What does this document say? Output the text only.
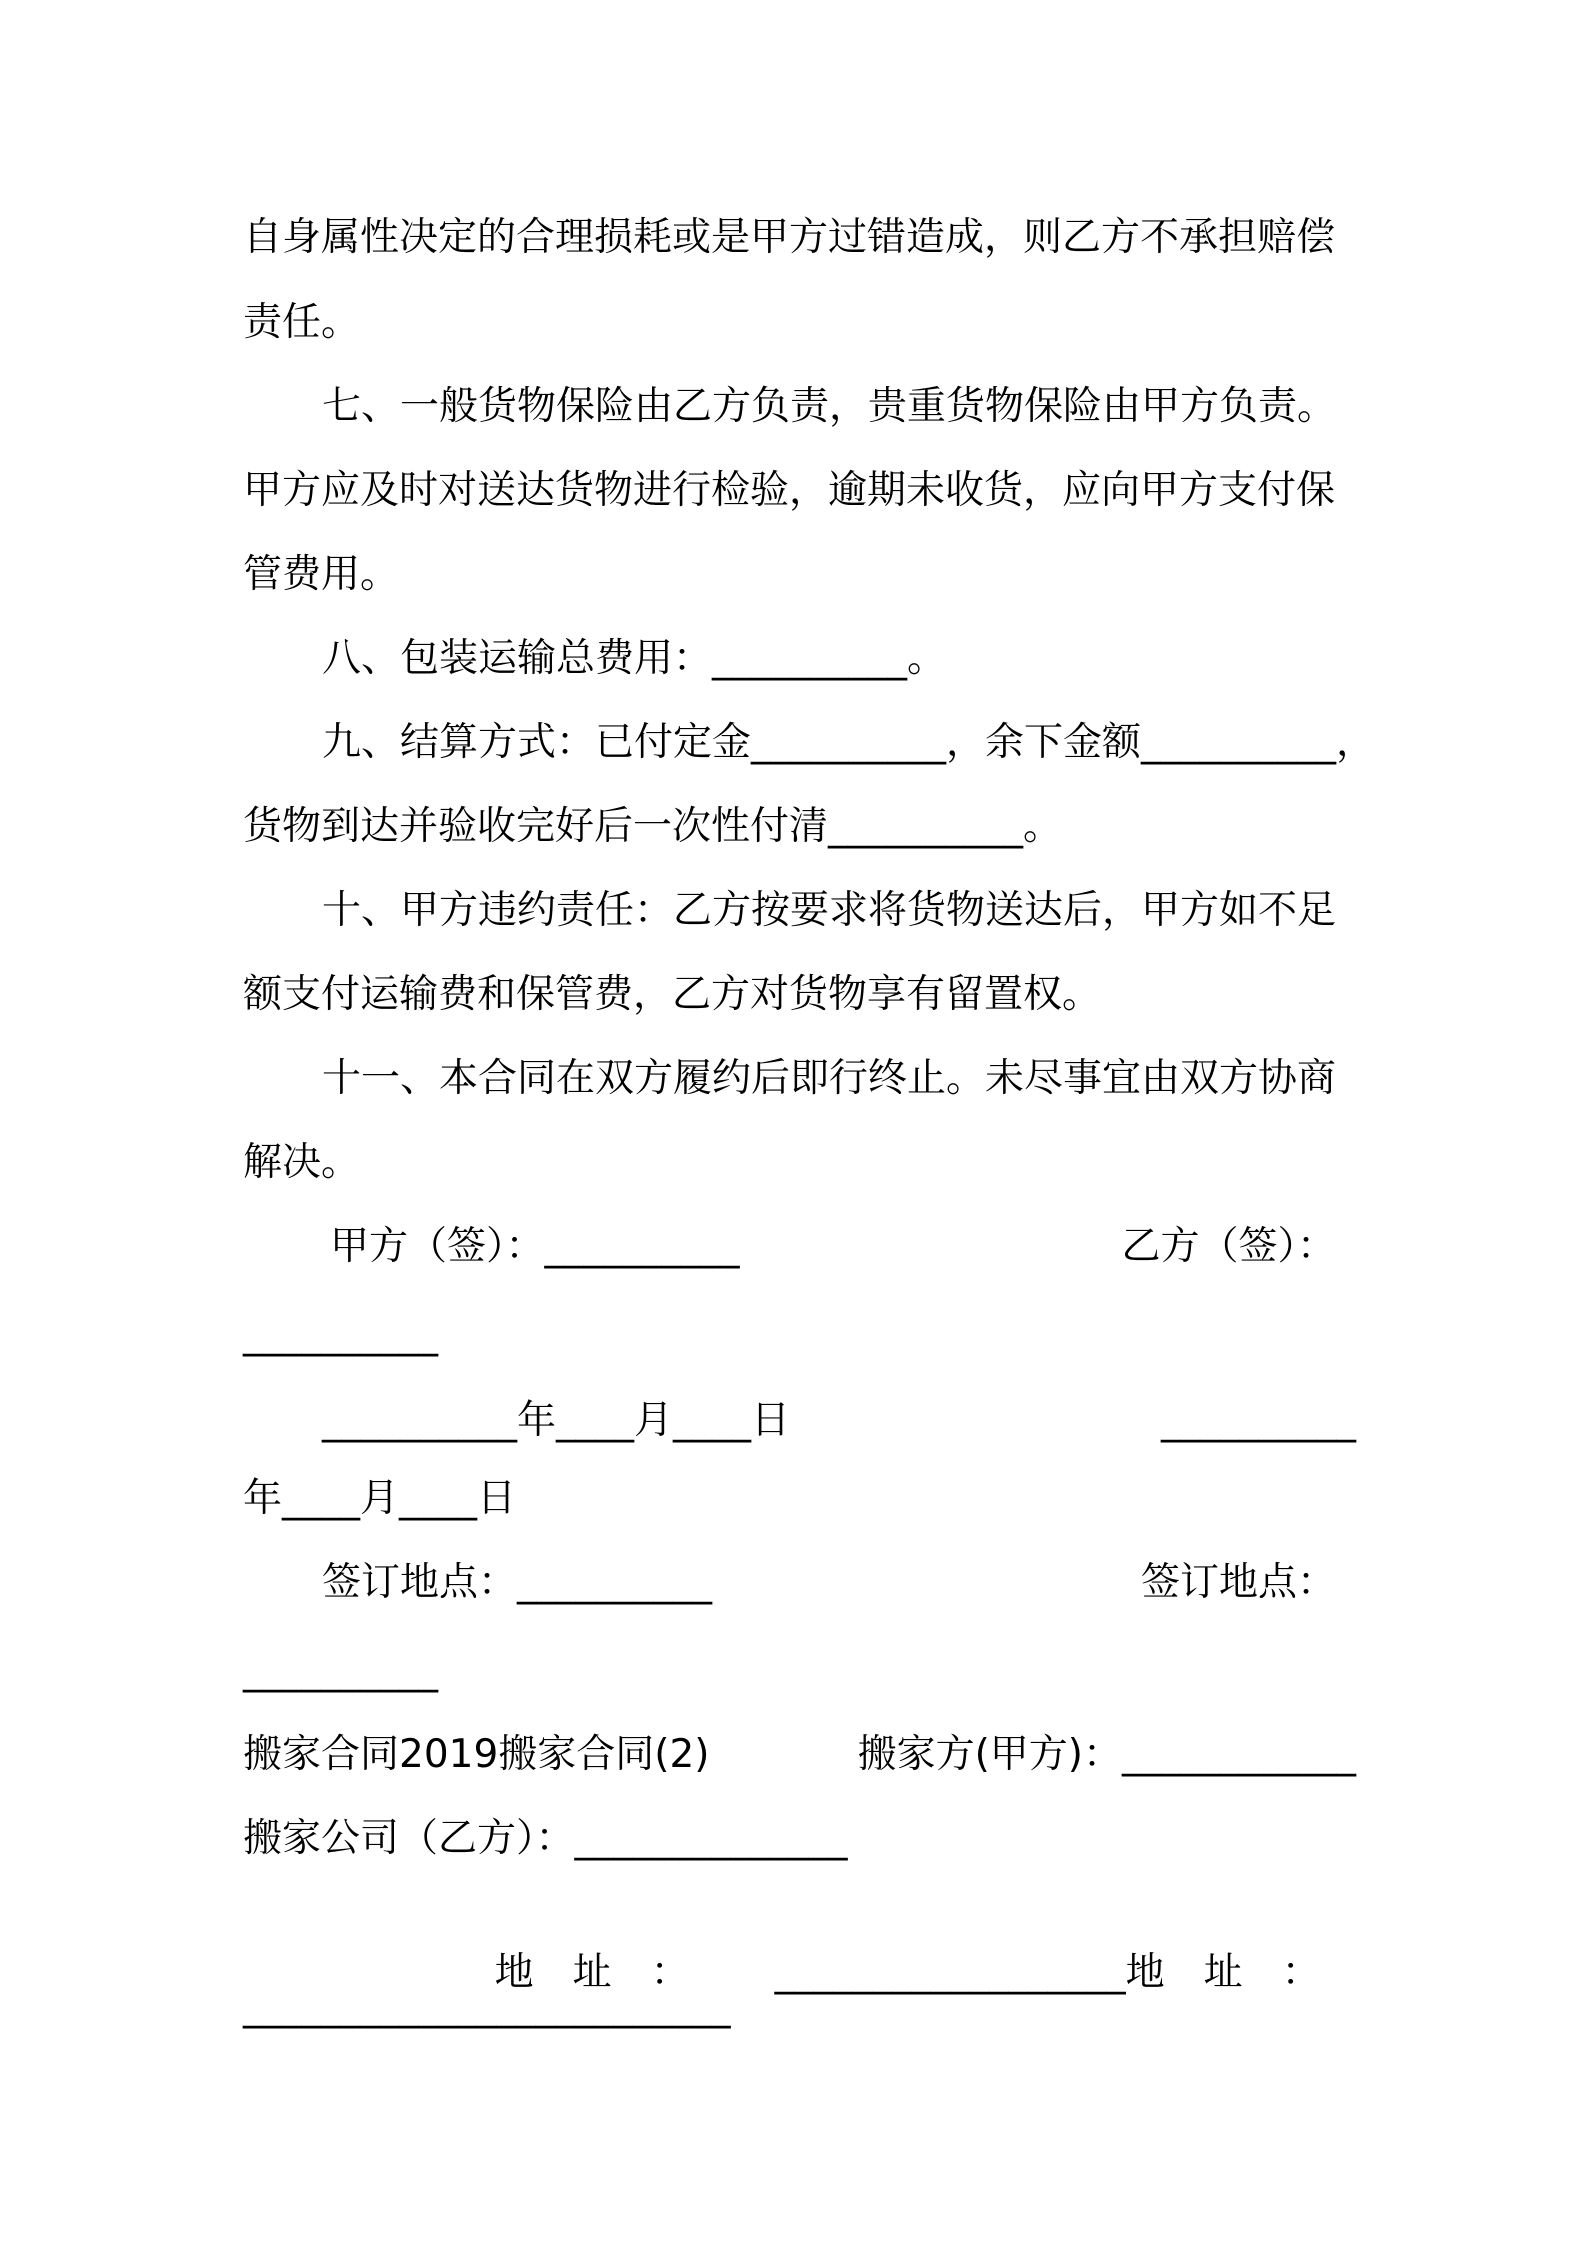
自身属性决定的合理损耗或是甲方过错造成，则乙方不承担赔偿
责任。
七、一般货物保险由乙方负责，贵重货物保险由甲方负责。
甲方应及时对送达货物进行检验，逾期未收货，应向甲方支付保
管费用。
八、包装运输总费用：__________。
九、结算方式：已付定金__________，余下金额__________，
货物到达并验收完好后一次性付清__________。
十、甲方违约责任：乙方按要求将货物送达后，甲方如不足
额支付运输费和保管费，乙方对货物享有留置权。
十一、本合同在双方履约后即行终止。未尽事宜由双方协商
解决。
甲方（签）：__________	乙方（签）：
__________
__________年____月____日	__________
年____月____日
签订地点：__________	签订地点：
__________
搬家合同2019搬家合同(2)	搬家方(甲方)：____________
搬家公司（乙方）：______________

地　址　： __________________地　址　：

_________________________
